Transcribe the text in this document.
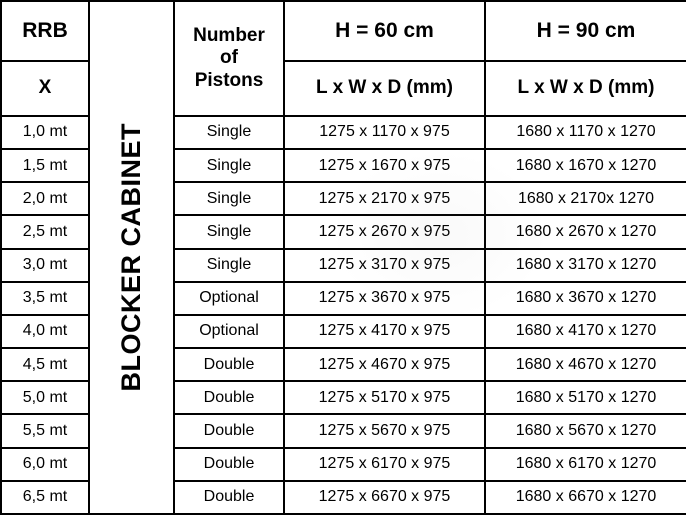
RRB	BLOCKER CABINET	Number
of
Pistons	H = 60 cm	H = 90 cm
X			L x W x D (mm)	L x W x D (mm)
1,0 mt		Single	1275 x 1170 x 975	1680 x 1170 x 1270
1,5 mt		Single	1275 x 1670 x 975	1680 x 1670 x 1270
2,0 mt		Single	1275 x 2170 x 975	1680 x 2170x 1270
2,5 mt		Single	1275 x 2670 x 975	1680 x 2670 x 1270
3,0 mt		Single	1275 x 3170 x 975	1680 x 3170 x 1270
3,5 mt		Optional	1275 x 3670 x 975	1680 x 3670 x 1270
4,0 mt		Optional	1275 x 4170 x 975	1680 x 4170 x 1270
4,5 mt		Double	1275 x 4670 x 975	1680 x 4670 x 1270
5,0 mt		Double	1275 x 5170 x 975	1680 x 5170 x 1270
5,5 mt		Double	1275 x 5670 x 975	1680 x 5670 x 1270
6,0 mt		Double	1275 x 6170 x 975	1680 x 6170 x 1270
6,5 mt		Double	1275 x 6670 x 975	1680 x 6670 x 1270
